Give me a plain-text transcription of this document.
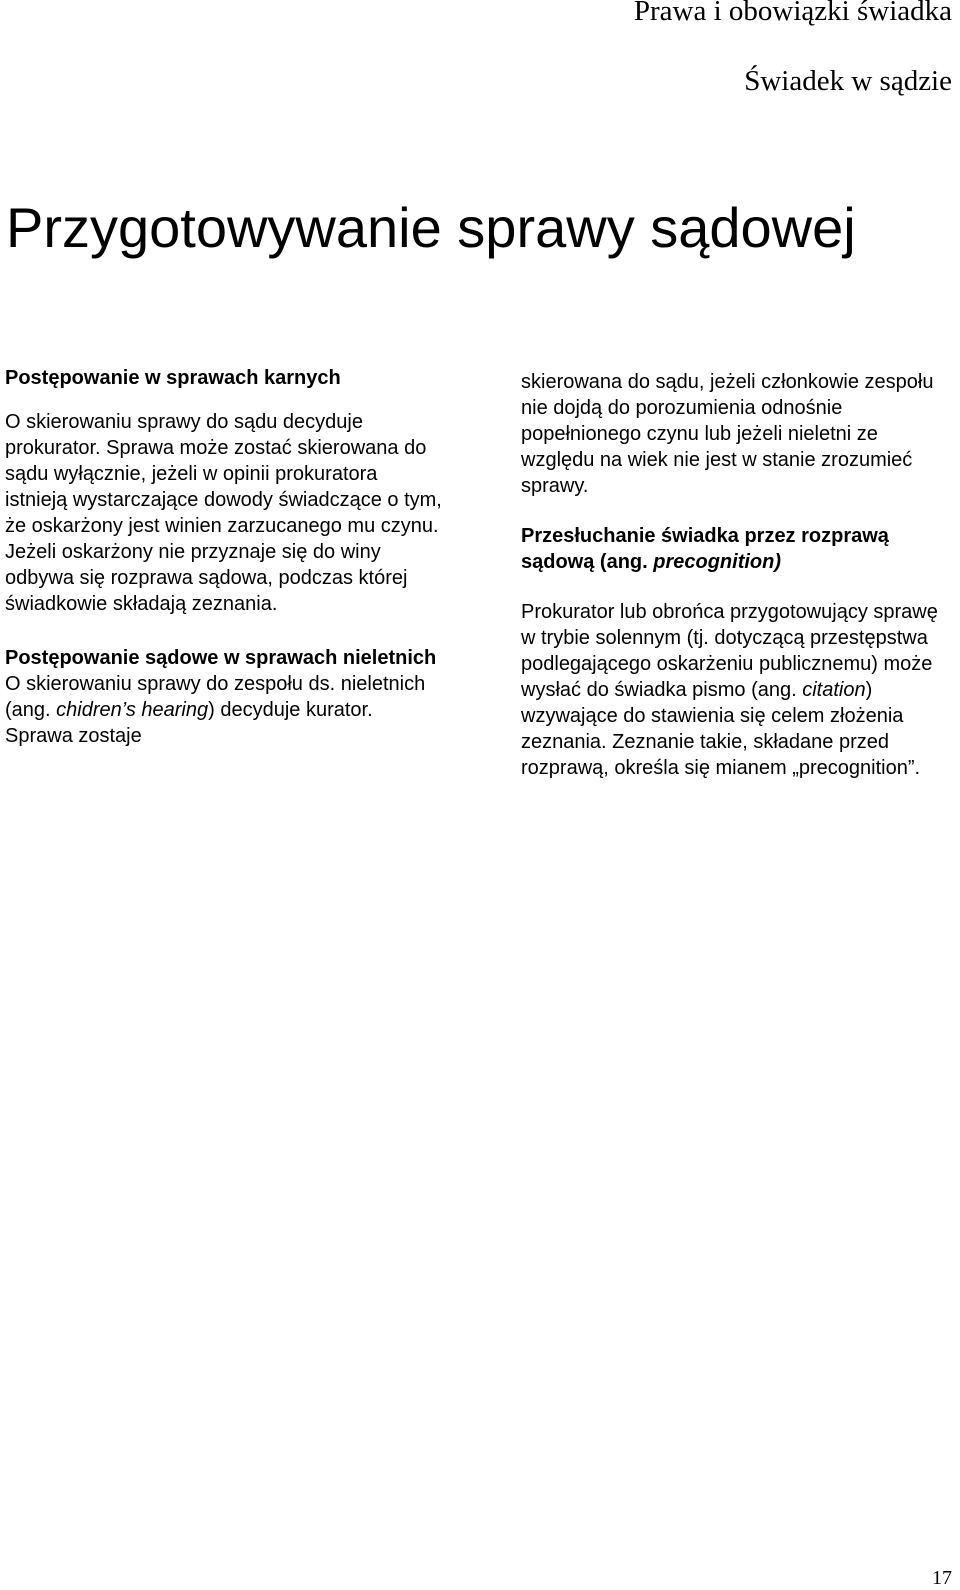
Prawa i obowiązki świadka
Świadek w sądzie
Przygotowywanie sprawy sądowej

Postępowanie w sprawach karnych

O skierowaniu sprawy do sądu decyduje prokurator. Sprawa może zostać skierowana do sądu wyłącznie, jeżeli w opinii prokuratora istnieją wystarczające dowody świadczące o tym, że oskarżony jest winien zarzucanego mu czynu. Jeżeli oskarżony nie przyznaje się do winy odbywa się rozprawa sądowa, podczas której świadkowie składają zeznania.

Postępowanie sądowe w sprawach nieletnich

O skierowaniu sprawy do zespołu ds. nieletnich (ang. chidren’s hearing) decyduje kurator. Sprawa zostaje

skierowana do sądu, jeżeli członkowie zespołu nie dojdą do porozumienia odnośnie popełnionego czynu lub jeżeli nieletni ze względu na wiek nie jest w stanie zrozumieć sprawy.

Przesłuchanie świadka przez rozprawą sądową (ang. precognition)

Prokurator lub obrońca przygotowujący sprawę w trybie solennym (tj. dotyczącą przestępstwa podlegającego oskarżeniu publicznemu) może wysłać do świadka pismo (ang. citation) wzywające do stawienia się celem złożenia zeznania. Zeznanie takie, składane przed rozprawą, określa się mianem „precognition”.

17
